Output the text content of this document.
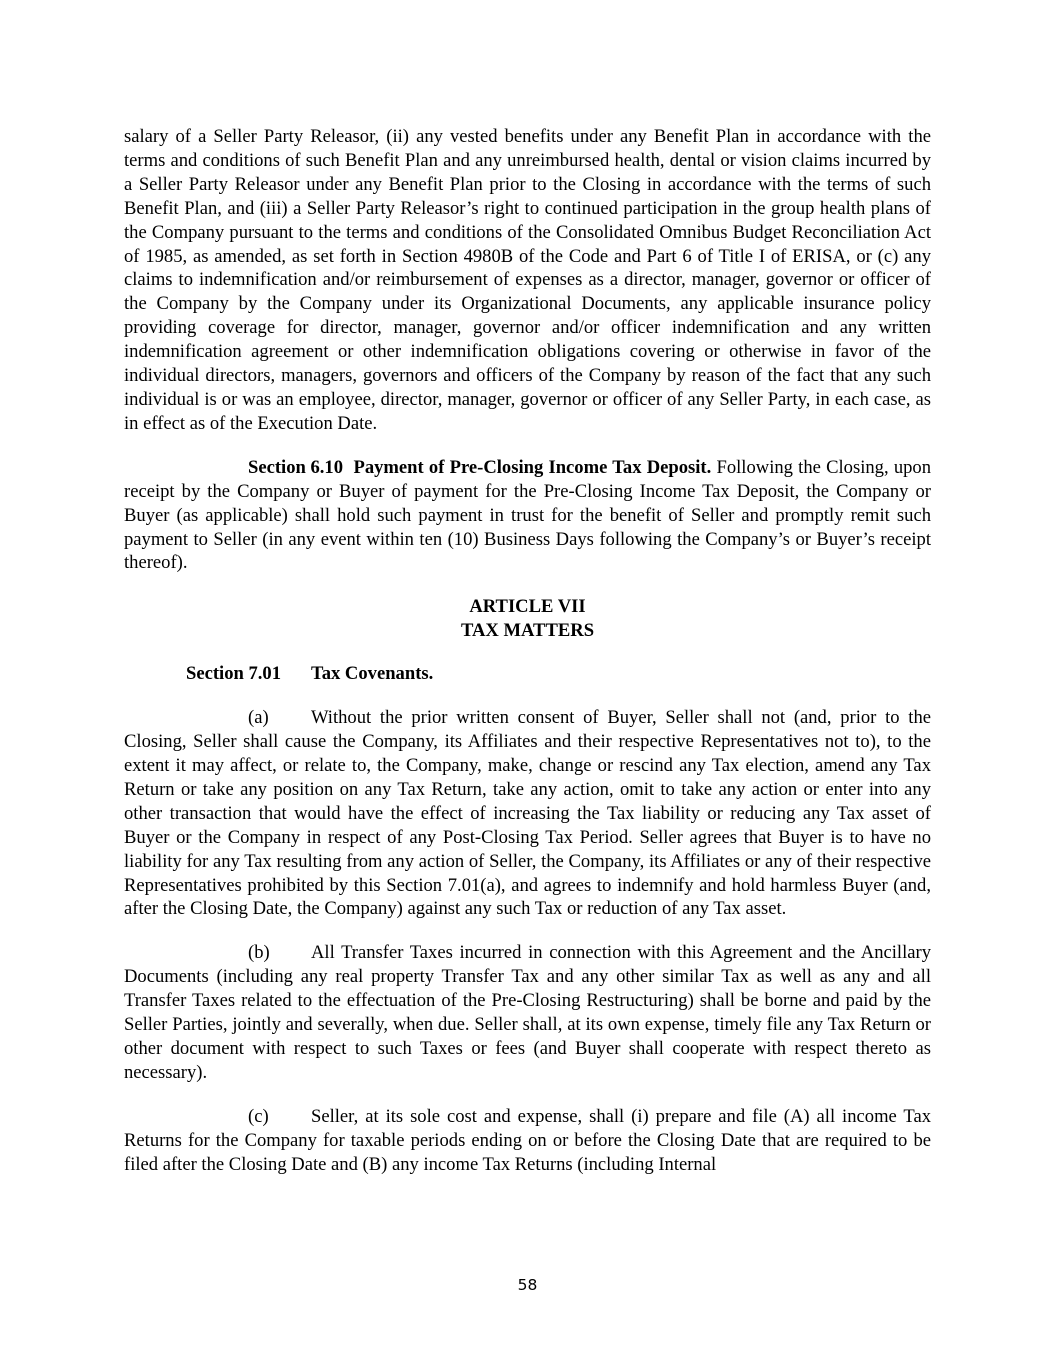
salary of a Seller Party Releasor, (ii) any vested benefits under any Benefit Plan in accordance with the terms and conditions of such Benefit Plan and any unreimbursed health, dental or vision claims incurred by a Seller Party Releasor under any Benefit Plan prior to the Closing in accordance with the terms of such Benefit Plan, and (iii) a Seller Party Releasor’s right to continued participation in the group health plans of the Company pursuant to the terms and conditions of the Consolidated Omnibus Budget Reconciliation Act of 1985, as amended, as set forth in Section 4980B of the Code and Part 6 of Title I of ERISA, or (c) any claims to indemnification and/or reimbursement of expenses as a director, manager, governor or officer of the Company by the Company under its Organizational Documents, any applicable insurance policy providing coverage for director, manager, governor and/or officer indemnification and any written indemnification agreement or other indemnification obligations covering or otherwise in favor of the individual directors, managers, governors and officers of the Company by reason of the fact that any such individual is or was an employee, director, manager, governor or officer of any Seller Party, in each case, as in effect as of the Execution Date.

Section 6.10 Payment of Pre-Closing Income Tax Deposit. Following the Closing, upon receipt by the Company or Buyer of payment for the Pre-Closing Income Tax Deposit, the Company or Buyer (as applicable) shall hold such payment in trust for the benefit of Seller and promptly remit such payment to Seller (in any event within ten (10) Business Days following the Company’s or Buyer’s receipt thereof).

ARTICLE VII
TAX MATTERS
Section 7.01 Tax Covenants.

(a) Without the prior written consent of Buyer, Seller shall not (and, prior to the Closing, Seller shall cause the Company, its Affiliates and their respective Representatives not to), to the extent it may affect, or relate to, the Company, make, change or rescind any Tax election, amend any Tax Return or take any position on any Tax Return, take any action, omit to take any action or enter into any other transaction that would have the effect of increasing the Tax liability or reducing any Tax asset of Buyer or the Company in respect of any Post-Closing Tax Period. Seller agrees that Buyer is to have no liability for any Tax resulting from any action of Seller, the Company, its Affiliates or any of their respective Representatives prohibited by this Section 7.01(a), and agrees to indemnify and hold harmless Buyer (and, after the Closing Date, the Company) against any such Tax or reduction of any Tax asset.

(b) All Transfer Taxes incurred in connection with this Agreement and the Ancillary Documents (including any real property Transfer Tax and any other similar Tax as well as any and all Transfer Taxes related to the effectuation of the Pre-Closing Restructuring) shall be borne and paid by the Seller Parties, jointly and severally, when due. Seller shall, at its own expense, timely file any Tax Return or other document with respect to such Taxes or fees (and Buyer shall cooperate with respect thereto as necessary).

(c) Seller, at its sole cost and expense, shall (i) prepare and file (A) all income Tax Returns for the Company for taxable periods ending on or before the Closing Date that are required to be filed after the Closing Date and (B) any income Tax Returns (including Internal

58
